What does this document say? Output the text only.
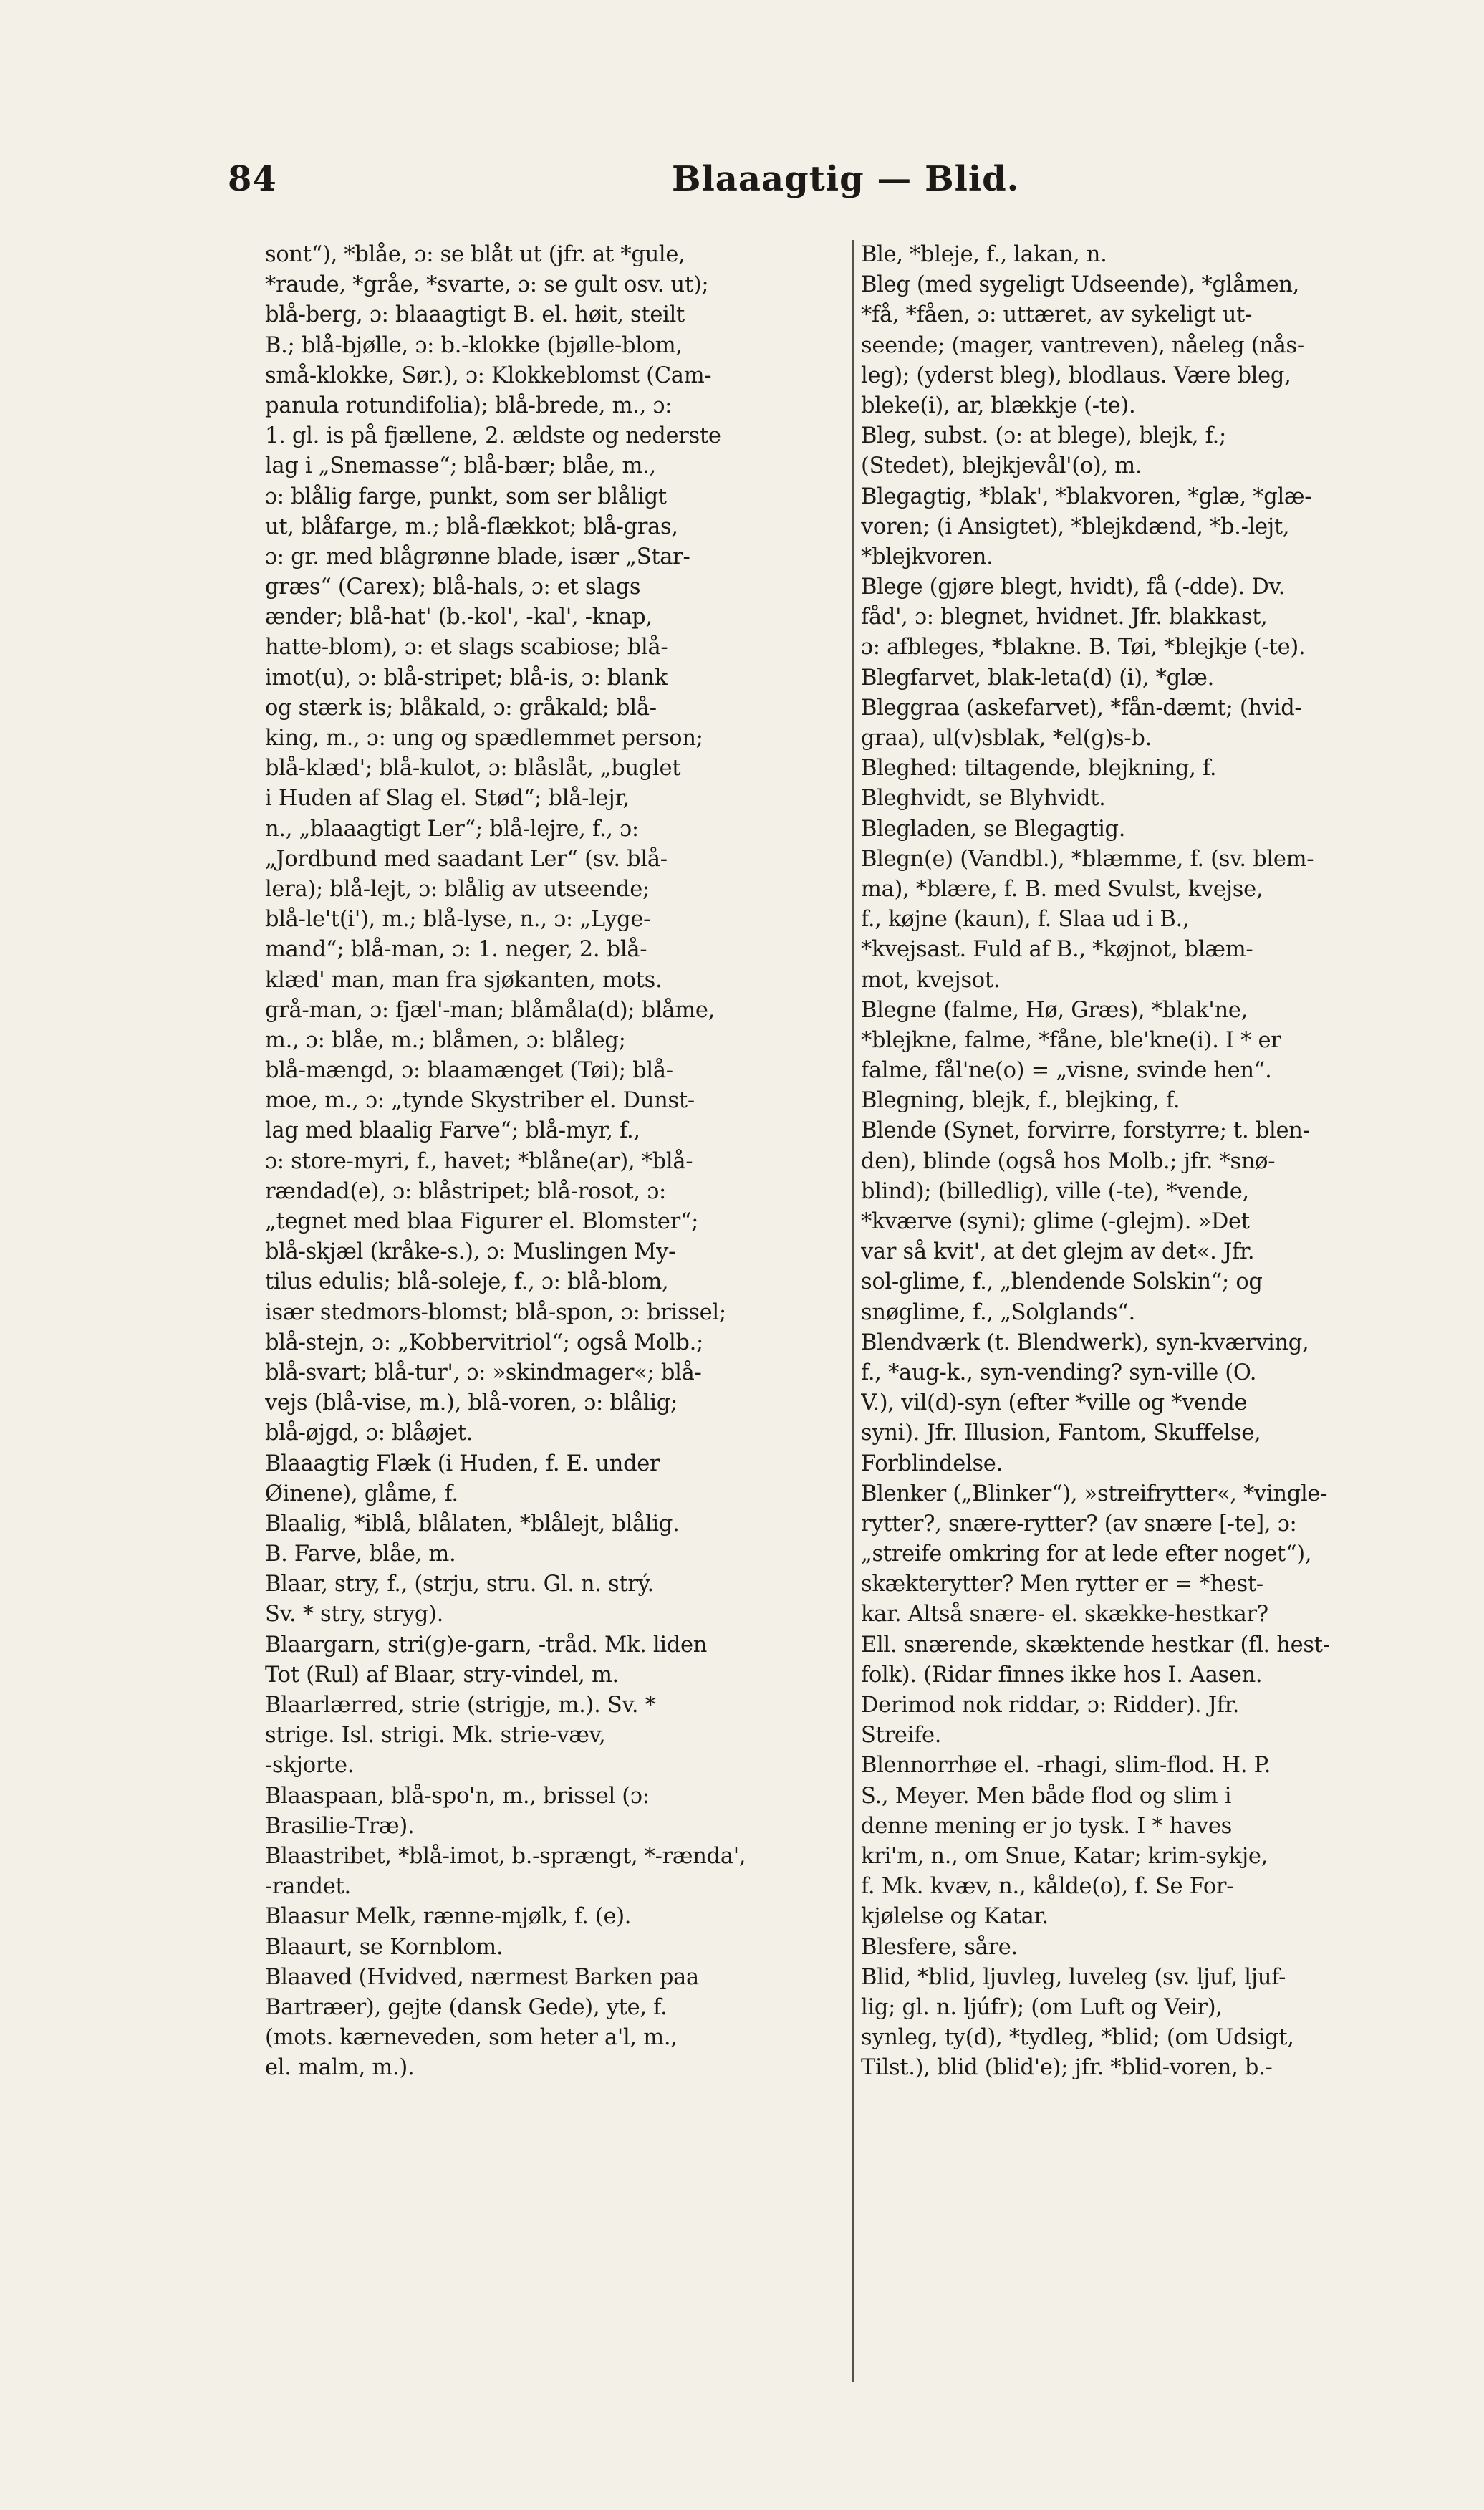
84	Blaaagtig — Blid.
sont“), *blåe, ɔ: se blåt ut (jfr. at *gule,
*raude, *gråe, *svarte, ɔ: se gult osv. ut);
blå-berg, ɔ: blaaagtigt B. el. høit, steilt
B.; blå-bjølle, ɔ: b.-klokke (bjølle-blom,
små-klokke, Sør.), ɔ: Klokkeblomst (Cam-
panula rotundifolia); blå-brede, m., ɔ:
1. gl. is på fjællene, 2. ældste og nederste
lag i „Snemasse“; blå-bær; blåe, m.,
ɔ: blålig farge, punkt, som ser blåligt
ut, blåfarge, m.; blå-flækkot; blå-gras,
ɔ: gr. med blågrønne blade, især „Star-
græs“ (Carex); blå-hals, ɔ: et slags
ænder; blå-hat' (b.-kol', -kal', -knap,
hatte-blom), ɔ: et slags scabiose; blå-
imot(u), ɔ: blå-stripet; blå-is, ɔ: blank
og stærk is; blåkald, ɔ: gråkald; blå-
king, m., ɔ: ung og spædlemmet person;
blå-klæd'; blå-kulot, ɔ: blåslåt, „buglet
i Huden af Slag el. Stød“; blå-lejr,
n., „blaaagtigt Ler“; blå-lejre, f., ɔ:
„Jordbund med saadant Ler“ (sv. blå-
lera); blå-lejt, ɔ: blålig av utseende;
blå-le't(i'), m.; blå-lyse, n., ɔ: „Lyge-
mand“; blå-man, ɔ: 1. neger, 2. blå-
klæd' man, man fra sjøkanten, mots.
grå-man, ɔ: fjæl'-man; blåmåla(d); blåme,
m., ɔ: blåe, m.; blåmen, ɔ: blåleg;
blå-mængd, ɔ: blaamænget (Tøi); blå-
moe, m., ɔ: „tynde Skystriber el. Dunst-
lag med blaalig Farve“; blå-myr, f.,
ɔ: store-myri, f., havet; *blåne(ar), *blå-
rændad(e), ɔ: blåstripet; blå-rosot, ɔ:
„tegnet med blaa Figurer el. Blomster“;
blå-skjæl (kråke-s.), ɔ: Muslingen My-
tilus edulis; blå-soleje, f., ɔ: blå-blom,
især stedmors-blomst; blå-spon, ɔ: brissel;
blå-stejn, ɔ: „Kobbervitriol“; også Molb.;
blå-svart; blå-tur', ɔ: »skindmager«; blå-
vejs (blå-vise, m.), blå-voren, ɔ: blålig;
blå-øjgd, ɔ: blåøjet.
Blaaagtig Flæk (i Huden, f. E. under
Øinene), glåme, f.
Blaalig, *iblå, blålaten, *blålejt, blålig.
B. Farve, blåe, m.
Blaar, stry, f., (strju, stru. Gl. n. strý.
Sv. * stry, stryg).
Blaargarn, stri(g)e-garn, -tråd. Mk. liden
Tot (Rul) af Blaar, stry-vindel, m.
Blaarlærred, strie (strigje, m.). Sv. *
strige. Isl. strigi. Mk. strie-væv,
-skjorte.
Blaaspaan, blå-spo'n, m., brissel (ɔ:
Brasilie-Træ).
Blaastribet, *blå-imot, b.-sprængt, *-rænda',
-randet.
Blaasur Melk, rænne-mjølk, f. (e).
Blaaurt, se Kornblom.
Blaaved (Hvidved, nærmest Barken paa
Bartræer), gejte (dansk Gede), yte, f.
(mots. kærneveden, som heter a'l, m.,
el. malm, m.).
Ble, *bleje, f., lakan, n.
Bleg (med sygeligt Udseende), *glåmen,
*få, *fåen, ɔ: uttæret, av sykeligt ut-
seende; (mager, vantreven), nåeleg (nås-
leg); (yderst bleg), blodlaus. Være bleg,
bleke(i), ar, blækkje (-te).
Bleg, subst. (ɔ: at blege), blejk, f.;
(Stedet), blejkjevål'(o), m.
Blegagtig, *blak', *blakvoren, *glæ, *glæ-
voren; (i Ansigtet), *blejkdænd, *b.-lejt,
*blejkvoren.
Blege (gjøre blegt, hvidt), få (-dde). Dv.
fåd', ɔ: blegnet, hvidnet. Jfr. blakkast,
ɔ: afbleges, *blakne. B. Tøi, *blejkje (-te).
Blegfarvet, blak-leta(d) (i), *glæ.
Bleggraa (askefarvet), *fån-dæmt; (hvid-
graa), ul(v)sblak, *el(g)s-b.
Bleghed: tiltagende, blejkning, f.
Bleghvidt, se Blyhvidt.
Blegladen, se Blegagtig.
Blegn(e) (Vandbl.), *blæmme, f. (sv. blem-
ma), *blære, f. B. med Svulst, kvejse,
f., køjne (kaun), f. Slaa ud i B.,
*kvejsast. Fuld af B., *køjnot, blæm-
mot, kvejsot.
Blegne (falme, Hø, Græs), *blak'ne,
*blejkne, falme, *fåne, ble'kne(i). I * er
falme, fål'ne(o) = „visne, svinde hen“.
Blegning, blejk, f., blejking, f.
Blende (Synet, forvirre, forstyrre; t. blen-
den), blinde (også hos Molb.; jfr. *snø-
blind); (billedlig), ville (-te), *vende,
*kværve (syni); glime (-glejm). »Det
var så kvit', at det glejm av det«. Jfr.
sol-glime, f., „blendende Solskin“; og
snøglime, f., „Solglands“.
Blendværk (t. Blendwerk), syn-kværving,
f., *aug-k., syn-vending? syn-ville (O.
V.), vil(d)-syn (efter *ville og *vende
syni). Jfr. Illusion, Fantom, Skuffelse,
Forblindelse.
Blenker („Blinker“), »streifrytter«, *vingle-
rytter?, snære-rytter? (av snære [-te], ɔ:
„streife omkring for at lede efter noget“),
skækterytter? Men rytter er = *hest-
kar. Altså snære- el. skække-hestkar?
Ell. snærende, skæktende hestkar (fl. hest-
folk). (Ridar finnes ikke hos I. Aasen.
Derimod nok riddar, ɔ: Ridder). Jfr.
Streife.
Blennorrhøe el. -rhagi, slim-flod. H. P.
S., Meyer. Men både flod og slim i
denne mening er jo tysk. I * haves
kri'm, n., om Snue, Katar; krim-sykje,
f. Mk. kvæv, n., kålde(o), f. Se For-
kjølelse og Katar.
Blesfere, såre.
Blid, *blid, ljuvleg, luveleg (sv. ljuf, ljuf-
lig; gl. n. ljúfr); (om Luft og Veir),
synleg, ty(d), *tydleg, *blid; (om Udsigt,
Tilst.), blid (blid'e); jfr. *blid-voren, b.-
